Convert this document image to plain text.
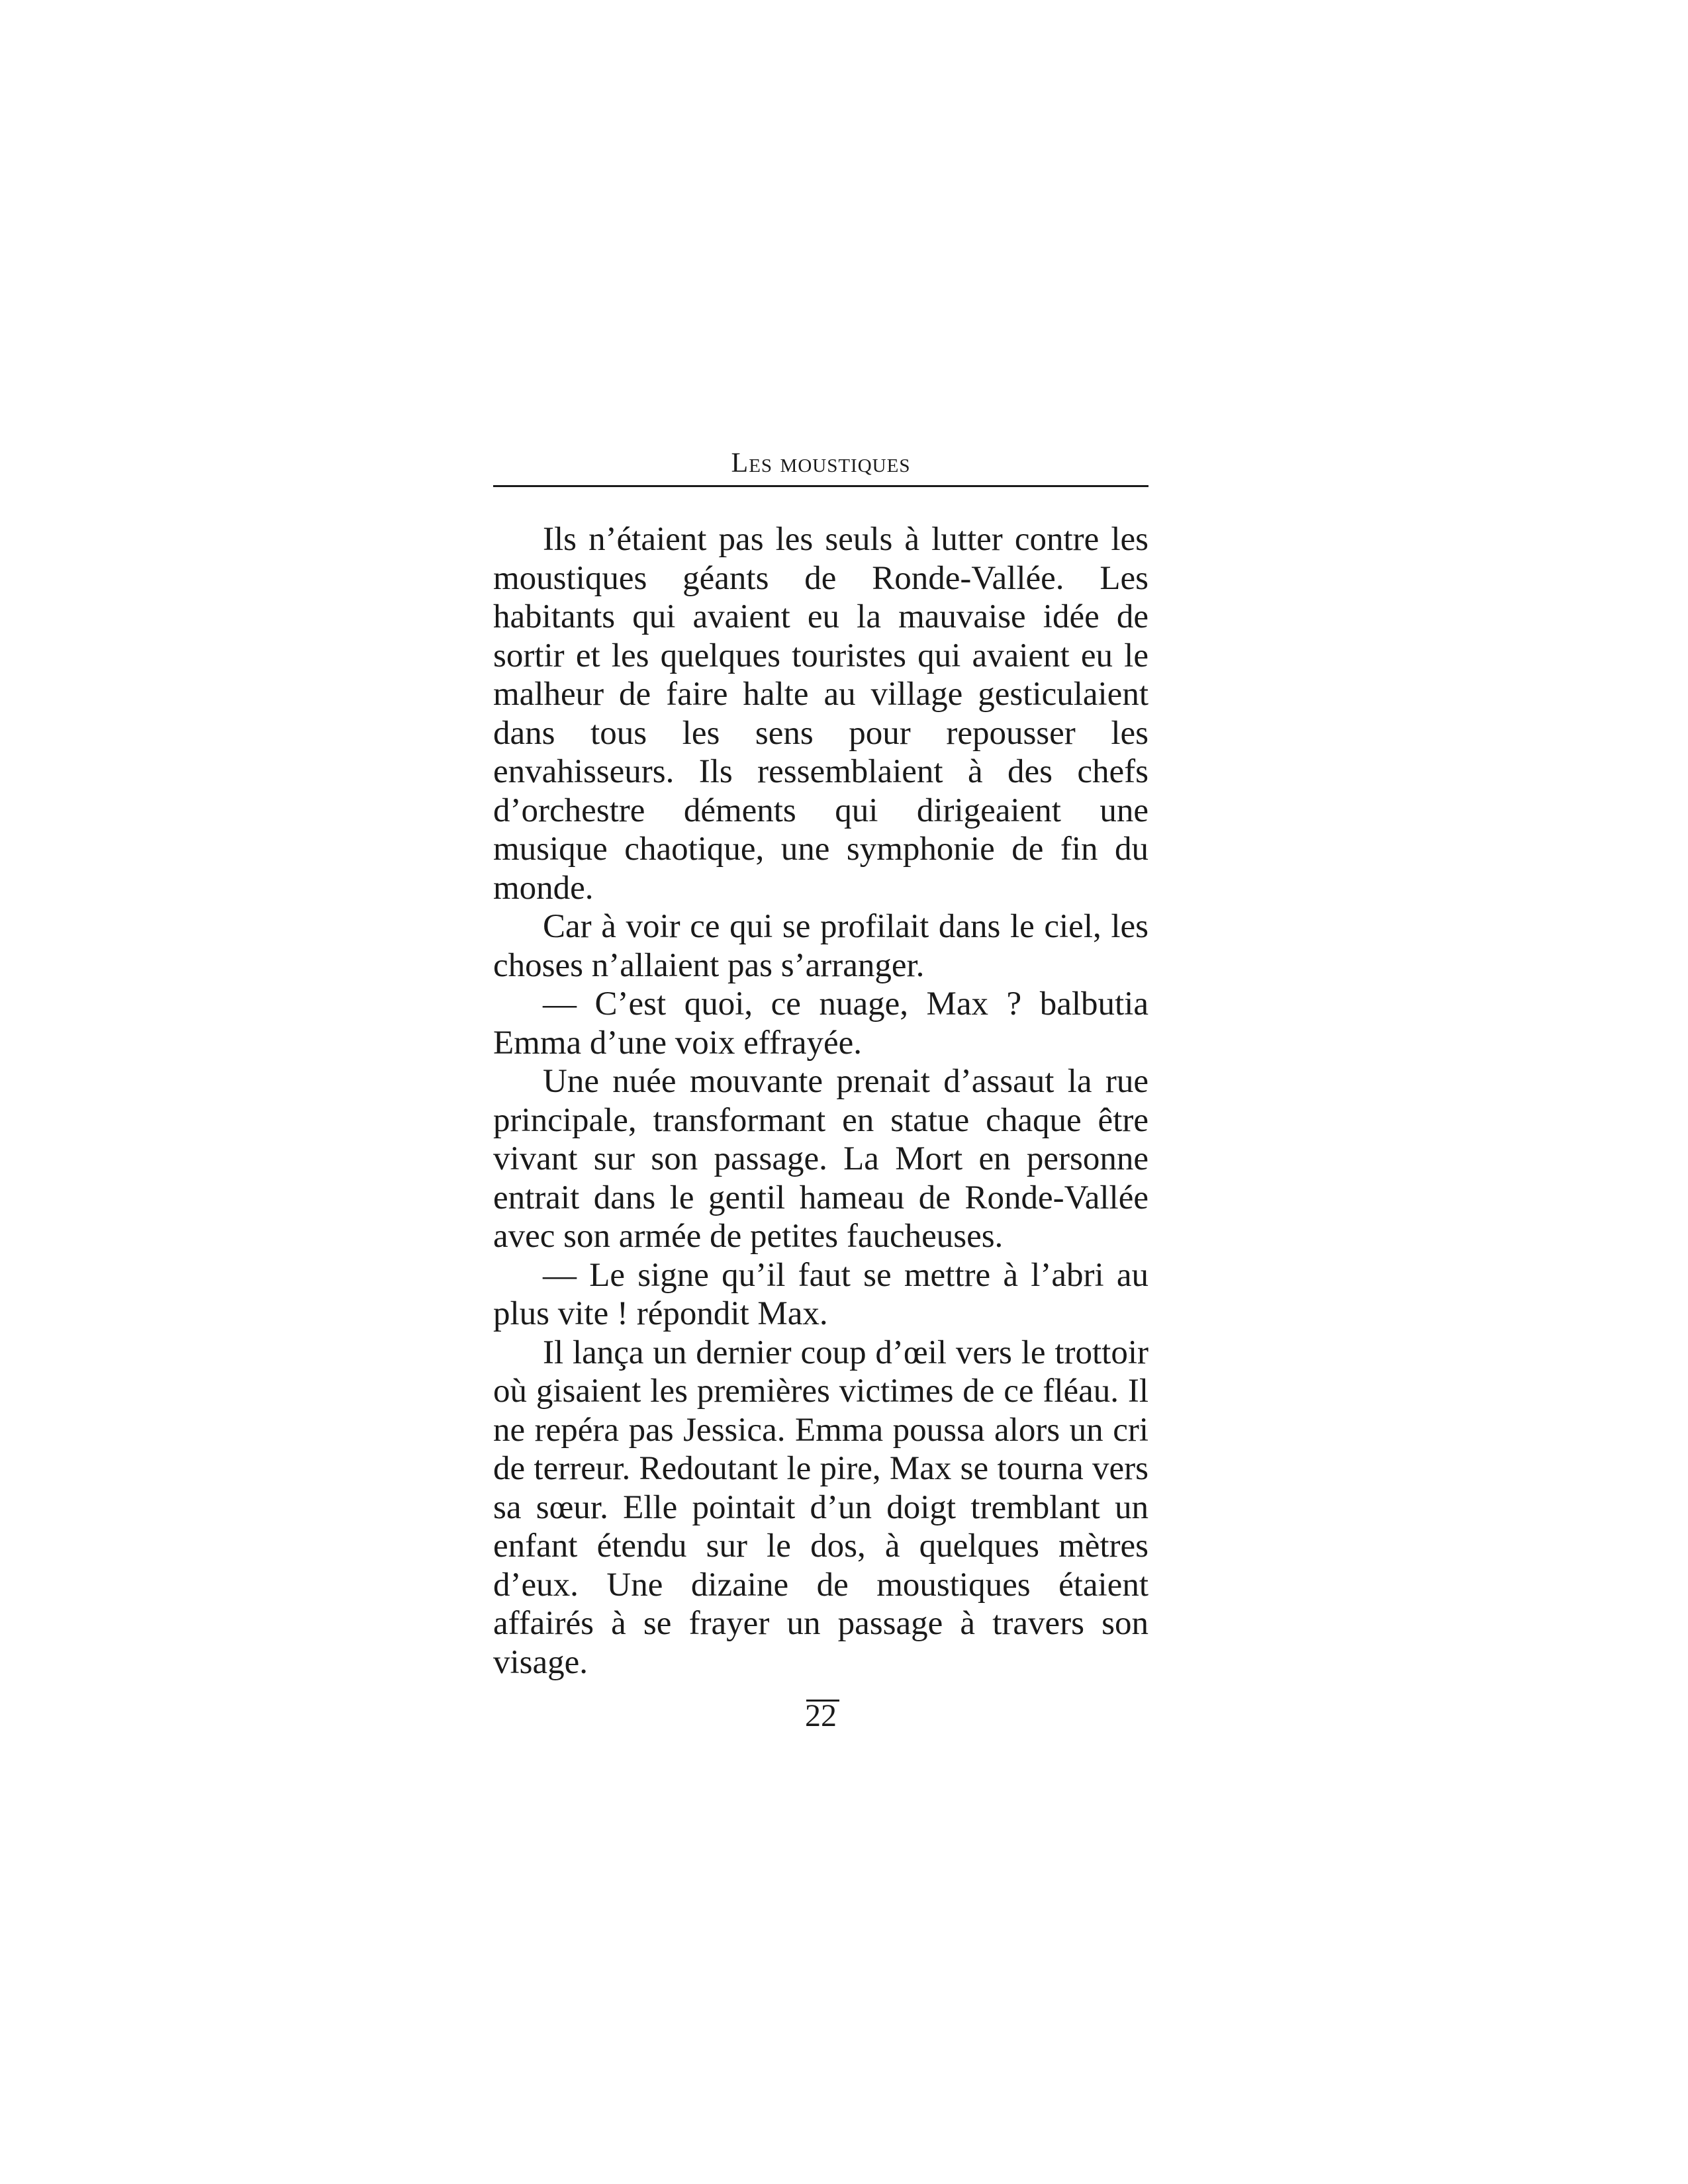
Les moustiques

Ils n’étaient pas les seuls à lutter contre les moustiques géants de Ronde-Vallée. Les habitants qui avaient eu la mauvaise idée de sortir et les quelques touristes qui avaient eu le malheur de faire halte au village gesticulaient dans tous les sens pour repousser les envahisseurs. Ils ressemblaient à des chefs d’orchestre déments qui dirigeaient une musique chaotique, une symphonie de fin du monde.

Car à voir ce qui se profilait dans le ciel, les choses n’allaient pas s’arranger.

— C’est quoi, ce nuage, Max ? balbutia Emma d’une voix effrayée.

Une nuée mouvante prenait d’assaut la rue principale, transformant en statue chaque être vivant sur son passage. La Mort en personne entrait dans le gentil hameau de Ronde-Vallée avec son armée de petites faucheuses.

— Le signe qu’il faut se mettre à l’abri au plus vite ! répondit Max.

Il lança un dernier coup d’œil vers le trottoir où gisaient les premières victimes de ce fléau. Il ne repéra pas Jessica. Emma poussa alors un cri de terreur. Redoutant le pire, Max se tourna vers sa sœur. Elle pointait d’un doigt tremblant un enfant étendu sur le dos, à quelques mètres d’eux. Une dizaine de moustiques étaient affairés à se frayer un passage à travers son visage.

22
